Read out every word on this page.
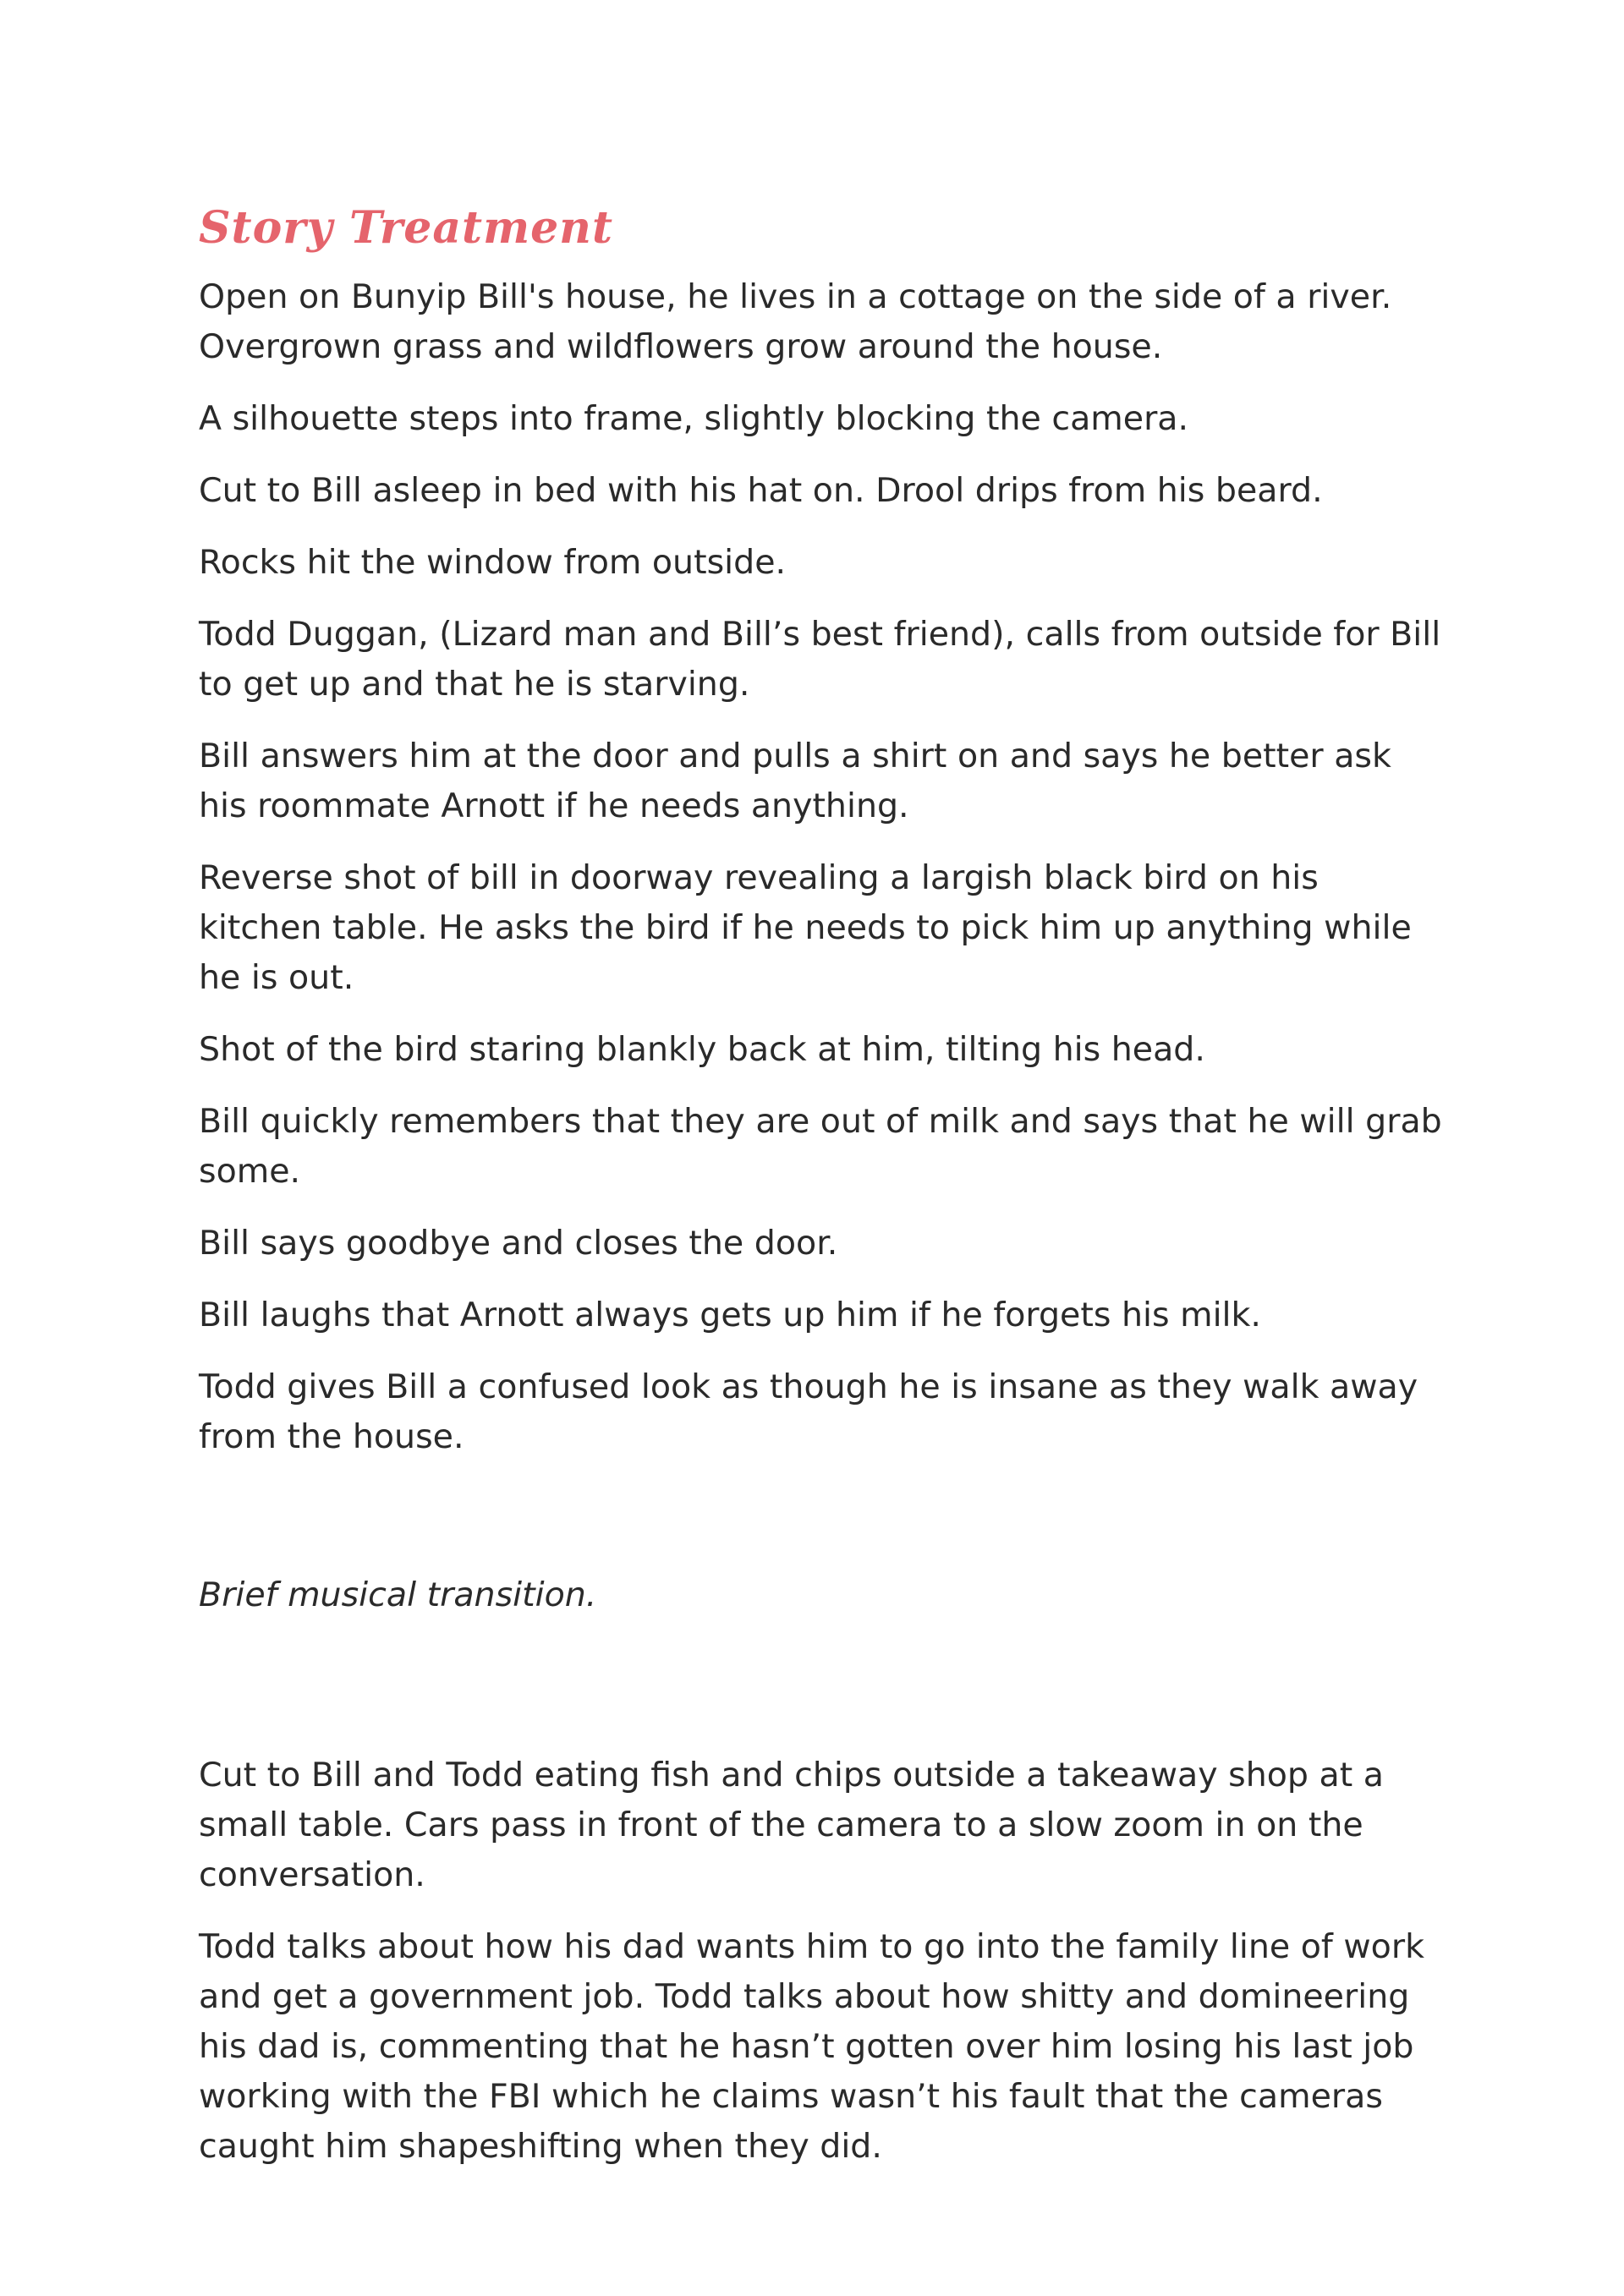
Story Treatment

Open on Bunyip Bill's house, he lives in a cottage on the side of a river. Overgrown grass and wildflowers grow around the house.

A silhouette steps into frame, slightly blocking the camera.

Cut to Bill asleep in bed with his hat on. Drool drips from his beard.

Rocks hit the window from outside.

Todd Duggan, (Lizard man and Bill’s best friend), calls from outside for Bill to get up and that he is starving.

Bill answers him at the door and pulls a shirt on and says he better ask his roommate Arnott if he needs anything.

Reverse shot of bill in doorway revealing a largish black bird on his kitchen table. He asks the bird if he needs to pick him up anything while he is out.

Shot of the bird staring blankly back at him, tilting his head.

Bill quickly remembers that they are out of milk and says that he will grab some.

Bill says goodbye and closes the door.

Bill laughs that Arnott always gets up him if he forgets his milk.

Todd gives Bill a confused look as though he is insane as they walk away from the house.

Brief musical transition.

Cut to Bill and Todd eating fish and chips outside a takeaway shop at a small table. Cars pass in front of the camera to a slow zoom in on the conversation.

Todd talks about how his dad wants him to go into the family line of work and get a government job. Todd talks about how shitty and domineering his dad is, commenting that he hasn’t gotten over him losing his last job working with the FBI which he claims wasn’t his fault that the cameras caught him shapeshifting when they did.
